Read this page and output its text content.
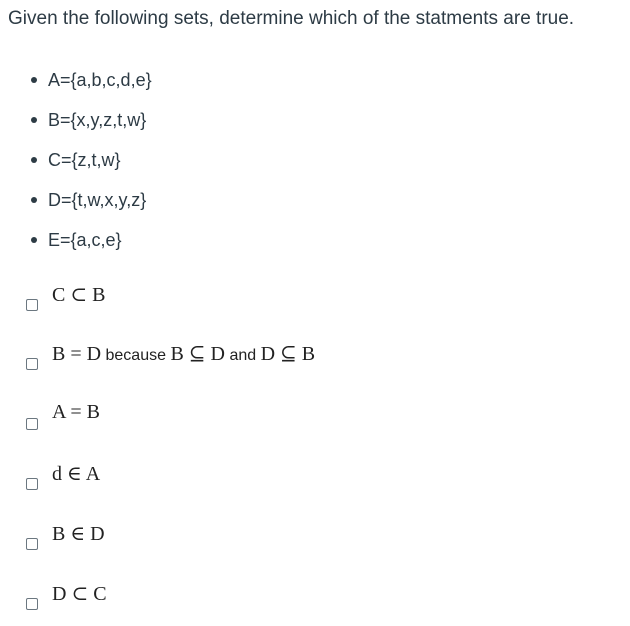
Given the following sets, determine which of the statments are true.
A={a,b,c,d,e}
B={x,y,z,t,w}
C={z,t,w}
D={t,w,x,y,z}
E={a,c,e}
C ⊂ B
B = D because B ⊆ D and D ⊆ B
A = B
d ∈ A
B ∈ D
D ⊂ C
